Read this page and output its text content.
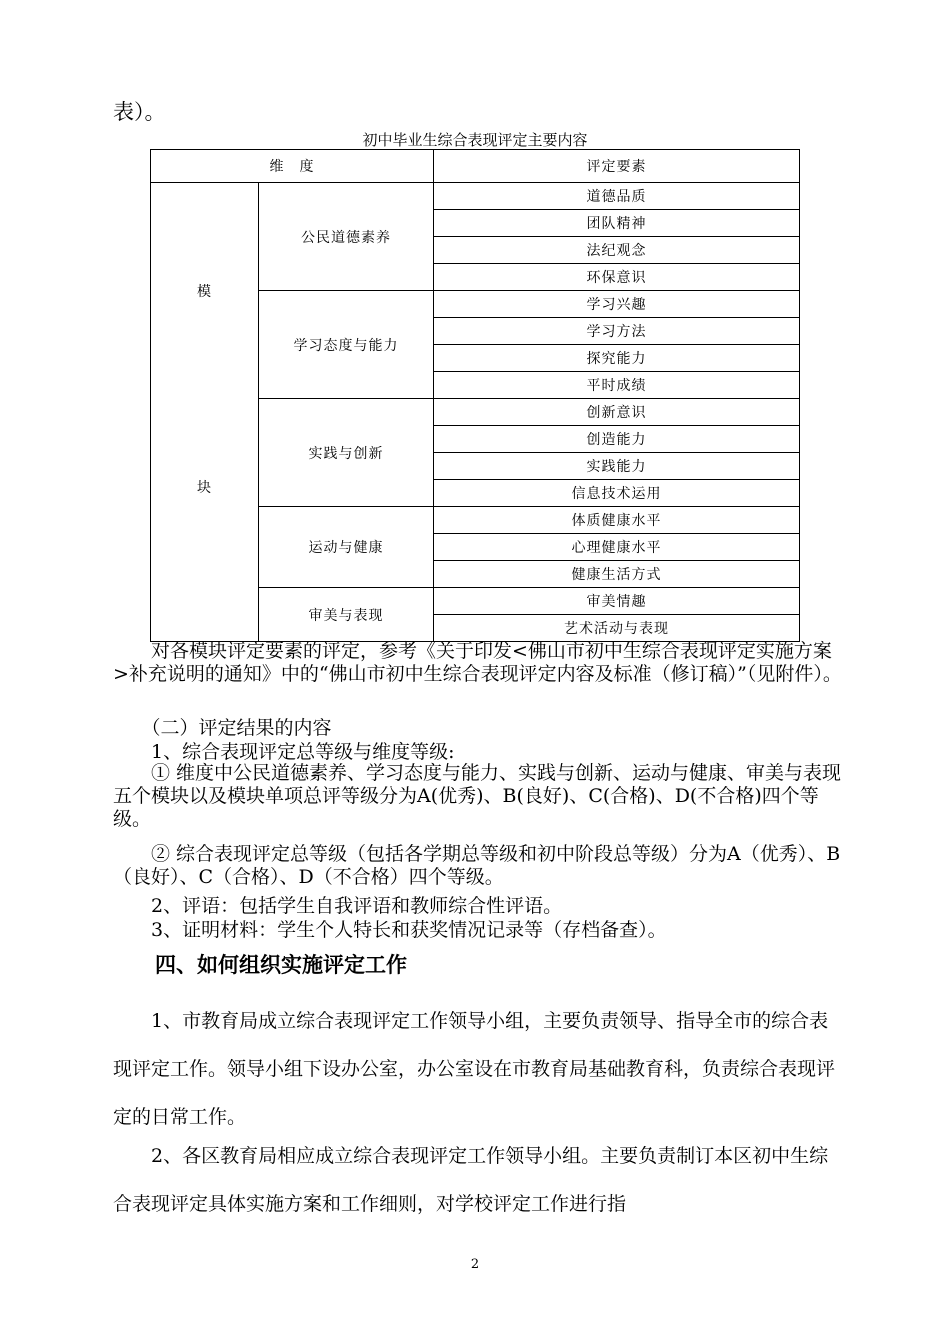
表）。
初中毕业生综合表现评定主要内容
维　度		评定要素
模	公民道德素养	道德品质
		团队精神
		法纪观念
		环保意识
	学习态度与能力	学习兴趣
		学习方法
		探究能力
		平时成绩

块	实践与创新	创新意识
		创造能力
		实践能力
		信息技术运用
	运动与健康	体质健康水平
		心理健康水平
		健康生活方式
	审美与表现	审美情趣
		艺术活动与表现
　　对各模块评定要素的评定，参考《关于印发<佛山市初中生综合表现评定实施方案>补充说明的通知》中的“佛山市初中生综合表现评定内容及标准（修订稿）”（见附件）。
　　（二）评定结果的内容
　　1、综合表现评定总等级与维度等级:
　　① 维度中公民道德素养、学习态度与能力、实践与创新、运动与健康、审美与表现五个模块以及模块单项总评等级分为A(优秀)、B(良好)、C(合格)、D(不合格)四个等级。
　　② 综合表现评定总等级（包括各学期总等级和初中阶段总等级）分为A（优秀）、B（良好）、C（合格）、D（不合格）四个等级。
　　2、评语：包括学生自我评语和教师综合性评语。
　　3、证明材料：学生个人特长和获奖情况记录等（存档备查）。
四、如何组织实施评定工作
　　1、市教育局成立综合表现评定工作领导小组，主要负责领导、指导全市的综合表现评定工作。领导小组下设办公室，办公室设在市教育局基础教育科，负责综合表现评定的日常工作。
　　2、各区教育局相应成立综合表现评定工作领导小组。主要负责制订本区初中生综合表现评定具体实施方案和工作细则，对学校评定工作进行指
2
